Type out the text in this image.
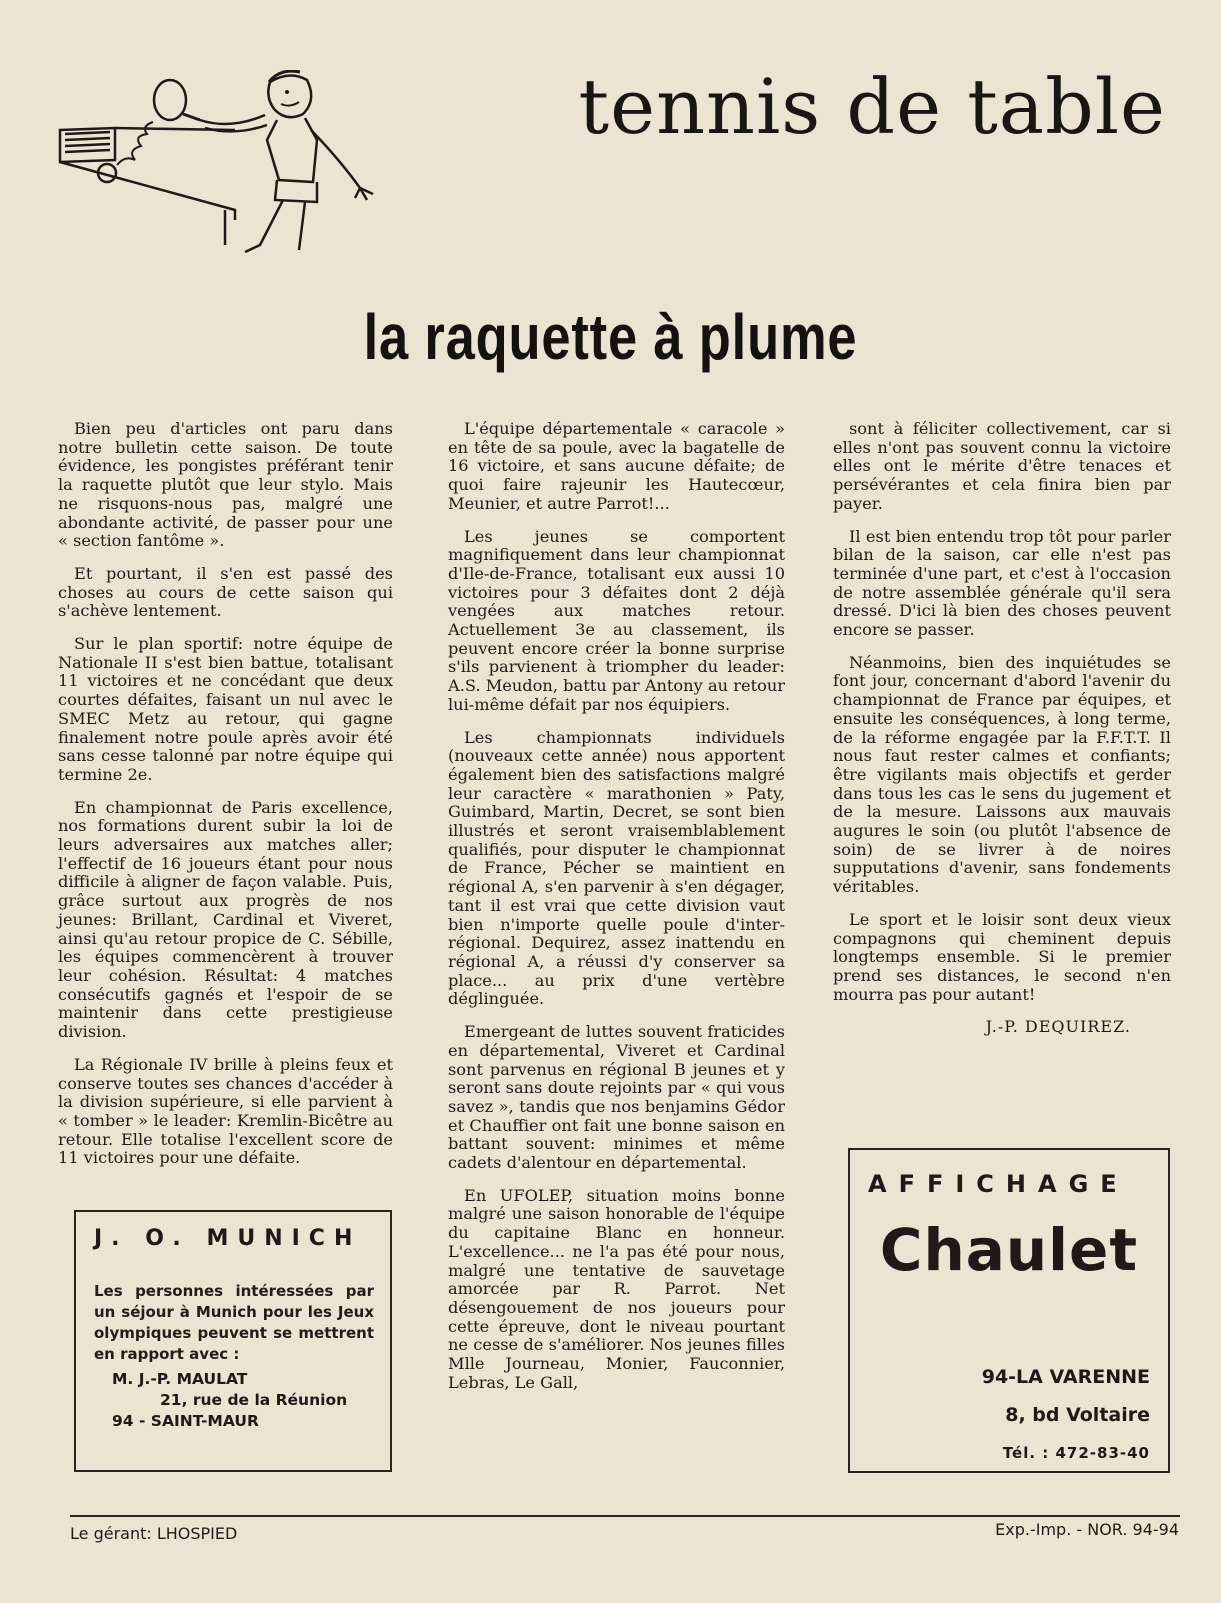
tennis de table
la raquette à plume

Bien peu d'articles ont paru dans notre bulletin cette saison. De toute évidence, les pongistes préférant tenir la raquette plutôt que leur stylo. Mais ne risquons-nous pas, malgré une abondante activité, de passer pour une « section fantôme ».

Et pourtant, il s'en est passé des choses au cours de cette saison qui s'achève lentement.

Sur le plan sportif: notre équipe de Nationale II s'est bien battue, totalisant 11 victoires et ne concédant que deux courtes défaites, faisant un nul avec le SMEC Metz au retour, qui gagne finalement notre poule après avoir été sans cesse talonné par notre équipe qui termine 2e.

En championnat de Paris excellence, nos formations durent subir la loi de leurs adversaires aux matches aller; l'effectif de 16 joueurs étant pour nous difficile à aligner de façon valable. Puis, grâce surtout aux progrès de nos jeunes: Brillant, Cardinal et Viveret, ainsi qu'au retour propice de C. Sébille, les équipes commencèrent à trouver leur cohésion. Résultat: 4 matches consécutifs gagnés et l'espoir de se maintenir dans cette prestigieuse division.

La Régionale IV brille à pleins feux et conserve toutes ses chances d'accéder à la division supérieure, si elle parvient à « tomber » le leader: Kremlin-Bicêtre au retour. Elle totalise l'excellent score de 11 victoires pour une défaite.

L'équipe départementale « caracole » en tête de sa poule, avec la bagatelle de 16 victoire, et sans aucune défaite; de quoi faire rajeunir les Hautecœur, Meunier, et autre Parrot!...

Les jeunes se comportent magnifiquement dans leur championnat d'Ile-de-France, totalisant eux aussi 10 victoires pour 3 défaites dont 2 déjà vengées aux matches retour. Actuellement 3e au classement, ils peuvent encore créer la bonne surprise s'ils parvienent à triompher du leader: A.S. Meudon, battu par Antony au retour lui-même défait par nos équipiers.

Les championnats individuels (nouveaux cette année) nous apportent également bien des satisfactions malgré leur caractère « marathonien » Paty, Guimbard, Martin, Decret, se sont bien illustrés et seront vraisemblablement qualifiés, pour disputer le championnat de France, Pécher se maintient en régional A, s'en parvenir à s'en dégager, tant il est vrai que cette division vaut bien n'importe quelle poule d'inter-régional. Dequirez, assez inattendu en régional A, a réussi d'y conserver sa place... au prix d'une vertèbre déglinguée.

Emergeant de luttes souvent fraticides en départemental, Viveret et Cardinal sont parvenus en régional B jeunes et y seront sans doute rejoints par « qui vous savez », tandis que nos benjamins Gédor et Chauffier ont fait une bonne saison en battant souvent: minimes et même cadets d'alentour en départemental.

En UFOLEP, situation moins bonne malgré une saison honorable de l'équipe du capitaine Blanc en honneur. L'excellence... ne l'a pas été pour nous, malgré une tentative de sauvetage amorcée par R. Parrot. Net désengouement de nos joueurs pour cette épreuve, dont le niveau pourtant ne cesse de s'améliorer. Nos jeunes filles Mlle Journeau, Monier, Fauconnier, Lebras, Le Gall,

sont à féliciter collectivement, car si elles n'ont pas souvent connu la victoire elles ont le mérite d'être tenaces et persévérantes et cela finira bien par payer.

Il est bien entendu trop tôt pour parler bilan de la saison, car elle n'est pas terminée d'une part, et c'est à l'occasion de notre assemblée générale qu'il sera dressé. D'ici là bien des choses peuvent encore se passer.

Néanmoins, bien des inquiétudes se font jour, concernant d'abord l'avenir du championnat de France par équipes, et ensuite les conséquences, à long terme, de la réforme engagée par la F.F.T.T. Il nous faut rester calmes et confiants; être vigilants mais objectifs et gerder dans tous les cas le sens du jugement et de la mesure. Laissons aux mauvais augures le soin (ou plutôt l'absence de soin) de se livrer à de noires supputations d'avenir, sans fondements véritables.

Le sport et le loisir sont deux vieux compagnons qui cheminent depuis longtemps ensemble. Si le premier prend ses distances, le second n'en mourra pas pour autant!

J.-P. DEQUIREZ.
J. O. MUNICH
Les personnes intéressées par un séjour à Munich pour les Jeux olympiques peuvent se mettrent en rapport avec :
M. J.-P. MAULAT
21, rue de la Réunion
94 - SAINT-MAUR
AFFICHAGE
Chaulet
94-LA VARENNE
8, bd Voltaire
Tél. : 472-83-40
Le gérant: LHOSPIED	Exp.-Imp. - NOR. 94-94
